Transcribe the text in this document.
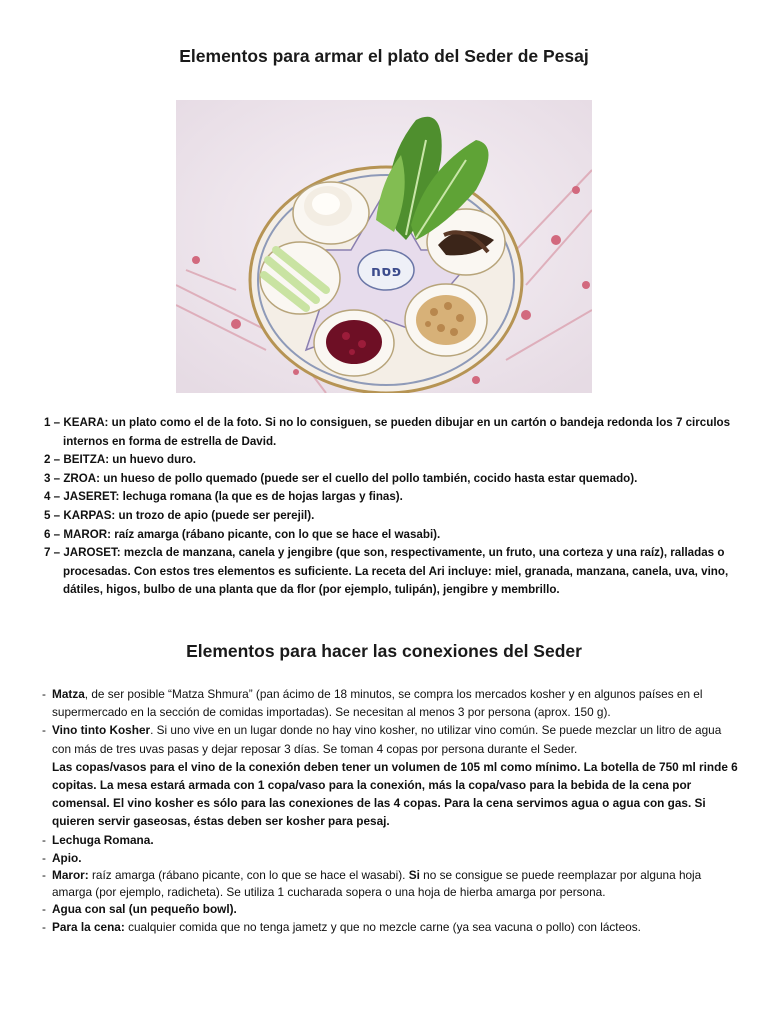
Elementos para armar el plato del Seder de Pesaj
פסח
1 – KEARA: un plato como el de la foto. Si no lo consiguen, se pueden dibujar en un cartón o bandeja redonda los 7 circulos internos en forma de estrella de David.
2 – BEITZA: un huevo duro.
3 – ZROA: un hueso de pollo quemado (puede ser el cuello del pollo también, cocido hasta estar quemado).
4 – JASERET: lechuga romana (la que es de hojas largas y finas).
5 – KARPAS: un trozo de apio (puede ser perejil).
6 – MAROR: raíz amarga (rábano picante, con lo que se hace el wasabi).
7 – JAROSET: mezcla de manzana, canela y jengibre (que son, respectivamente, un fruto, una corteza y una raíz), ralladas o procesadas. Con estos tres elementos es suficiente. La receta del Ari incluye: miel, granada, manzana, canela, uva, vino, dátiles, higos, bulbo de una planta que da flor (por ejemplo, tulipán), jengibre y membrillo.
Elementos para hacer las conexiones del Seder
- Matza, de ser posible “Matza Shmura” (pan ácimo de 18 minutos, se compra los mercados kosher y en algunos países en el supermercado en la sección de comidas importadas). Se necesitan al menos 3 por persona (aprox. 150 g).
- Vino tinto Kosher. Si uno vive en un lugar donde no hay vino kosher, no utilizar vino común. Se puede mezclar un litro de agua con más de tres uvas pasas y dejar reposar 3 días. Se toman 4 copas por persona durante el Seder.
Las copas/vasos para el vino de la conexión deben tener un volumen de 105 ml como mínimo. La botella de 750 ml rinde 6 copitas. La mesa estará armada con 1 copa/vaso para la conexión, más la copa/vaso para la bebida de la cena por comensal. El vino kosher es sólo para las conexiones de las 4 copas. Para la cena servimos agua o agua con gas. Si quieren servir gaseosas, éstas deben ser kosher para pesaj.
- Lechuga Romana.
- Apio.
- Maror: raíz amarga (rábano picante, con lo que se hace el wasabi). Si no se consigue se puede reemplazar por alguna hoja amarga (por ejemplo, radicheta). Se utiliza 1 cucharada sopera o una hoja de hierba amarga por persona.
- Agua con sal (un pequeño bowl).
- Para la cena: cualquier comida que no tenga jametz y que no mezcle carne (ya sea vacuna o pollo) con lácteos.
